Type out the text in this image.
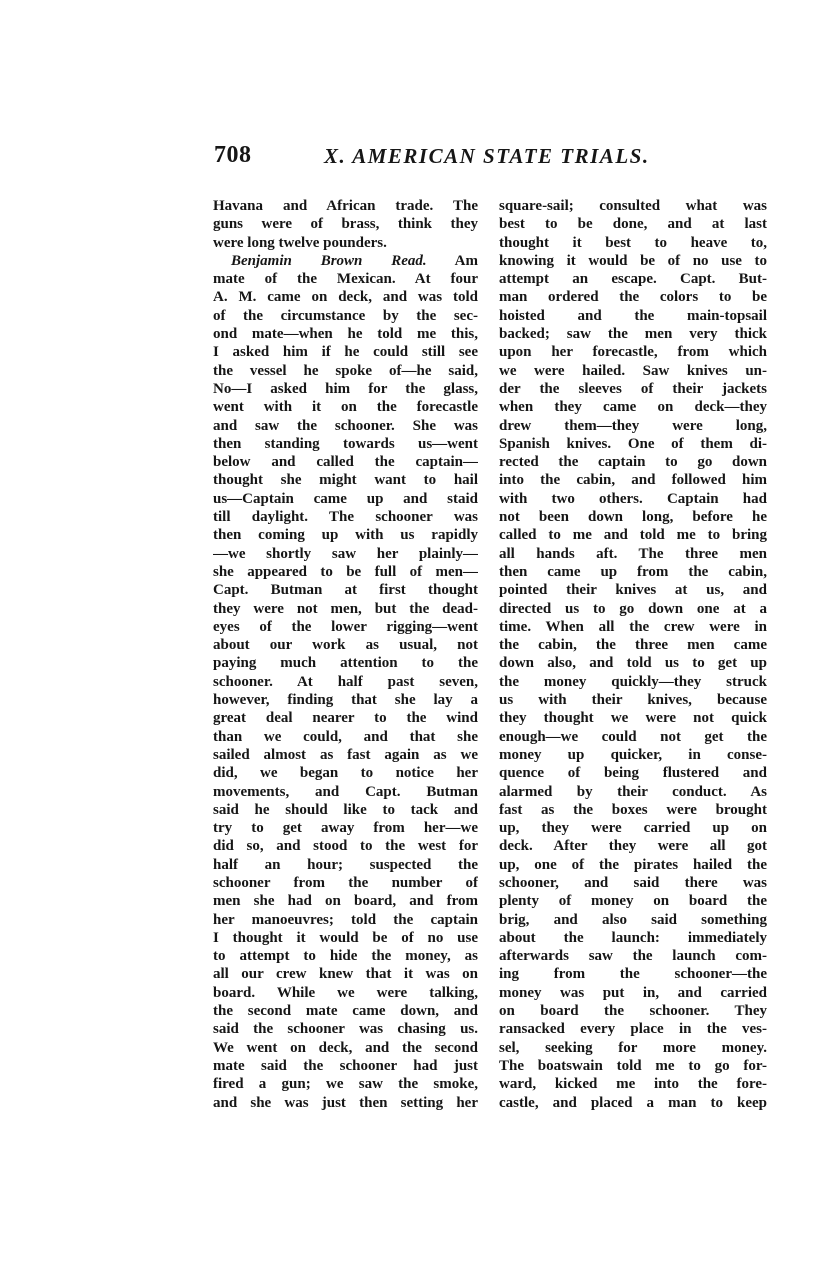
708	X. AMERICAN STATE TRIALS.
Havana and African trade. The
guns were of brass, think they
were long twelve pounders.
Benjamin Brown Read. Am
mate of the Mexican. At four
A. M. came on deck, and was told
of the circumstance by the sec-
ond mate—when he told me this,
I asked him if he could still see
the vessel he spoke of—he said,
No—I asked him for the glass,
went with it on the forecastle
and saw the schooner. She was
then standing towards us—went
below and called the captain—
thought she might want to hail
us—Captain came up and staid
till daylight. The schooner was
then coming up with us rapidly
—we shortly saw her plainly—
she appeared to be full of men—
Capt. Butman at first thought
they were not men, but the dead-
eyes of the lower rigging—went
about our work as usual, not
paying much attention to the
schooner. At half past seven,
however, finding that she lay a
great deal nearer to the wind
than we could, and that she
sailed almost as fast again as we
did, we began to notice her
movements, and Capt. Butman
said he should like to tack and
try to get away from her—we
did so, and stood to the west for
half an hour; suspected the
schooner from the number of
men she had on board, and from
her manoeuvres; told the captain
I thought it would be of no use
to attempt to hide the money, as
all our crew knew that it was on
board. While we were talking,
the second mate came down, and
said the schooner was chasing us.
We went on deck, and the second
mate said the schooner had just
fired a gun; we saw the smoke,
and she was just then setting her
square-sail; consulted what was
best to be done, and at last
thought it best to heave to,
knowing it would be of no use to
attempt an escape. Capt. But-
man ordered the colors to be
hoisted and the main-topsail
backed; saw the men very thick
upon her forecastle, from which
we were hailed. Saw knives un-
der the sleeves of their jackets
when they came on deck—they
drew them—they were long,
Spanish knives. One of them di-
rected the captain to go down
into the cabin, and followed him
with two others. Captain had
not been down long, before he
called to me and told me to bring
all hands aft. The three men
then came up from the cabin,
pointed their knives at us, and
directed us to go down one at a
time. When all the crew were in
the cabin, the three men came
down also, and told us to get up
the money quickly—they struck
us with their knives, because
they thought we were not quick
enough—we could not get the
money up quicker, in conse-
quence of being flustered and
alarmed by their conduct. As
fast as the boxes were brought
up, they were carried up on
deck. After they were all got
up, one of the pirates hailed the
schooner, and said there was
plenty of money on board the
brig, and also said something
about the launch: immediately
afterwards saw the launch com-
ing from the schooner—the
money was put in, and carried
on board the schooner. They
ransacked every place in the ves-
sel, seeking for more money.
The boatswain told me to go for-
ward, kicked me into the fore-
castle, and placed a man to keep
